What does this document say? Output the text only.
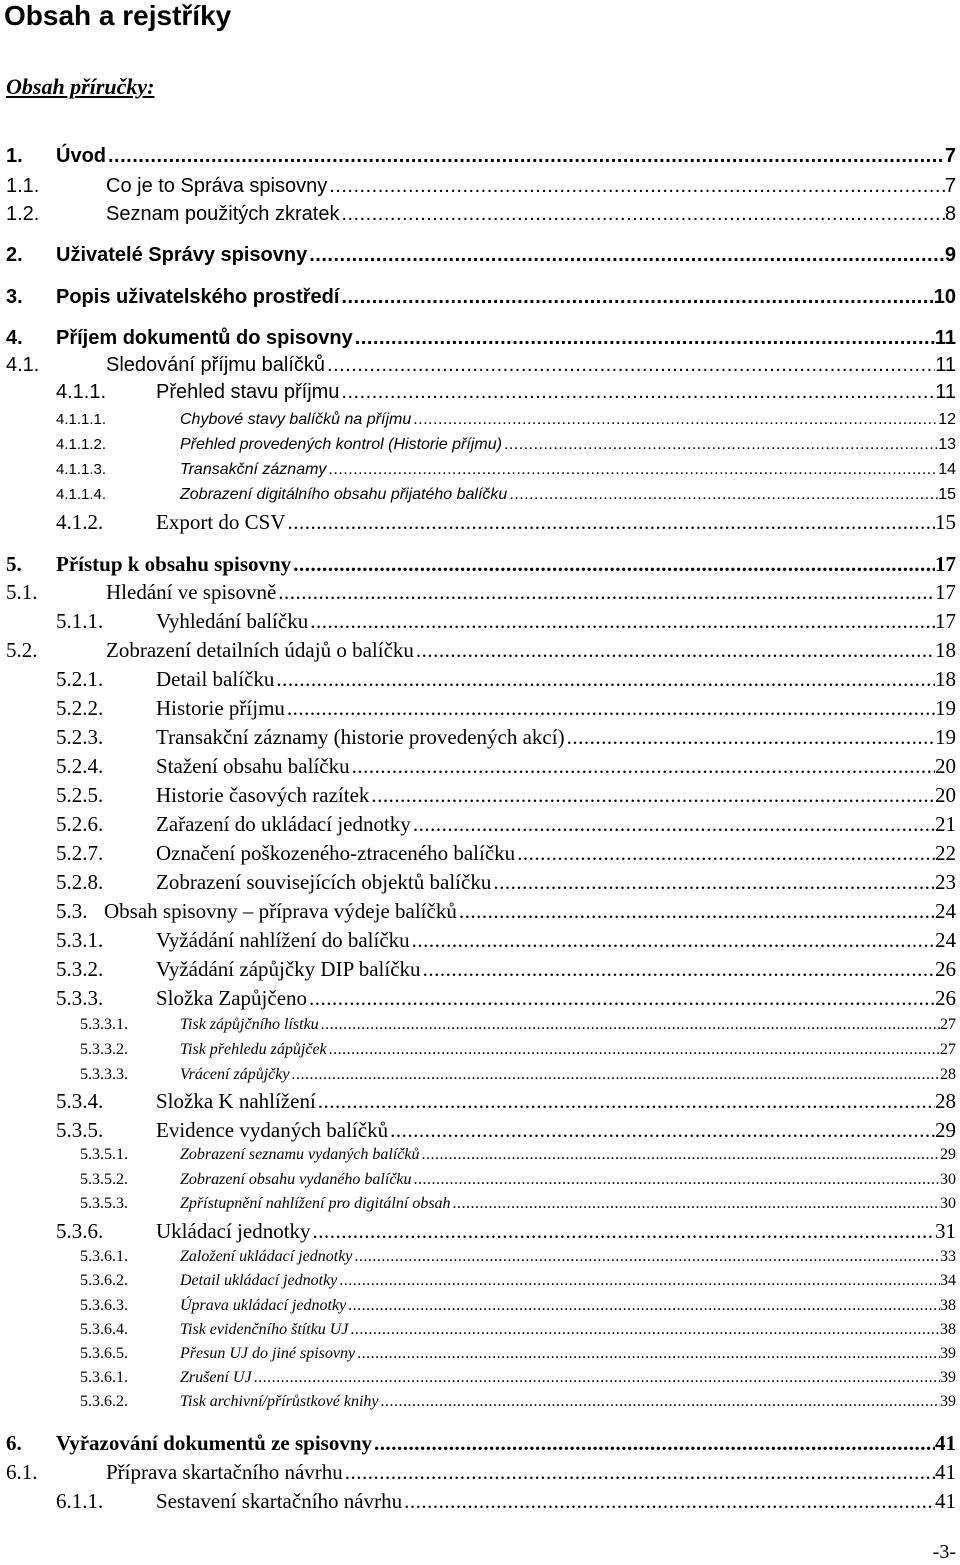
Obsah a rejstříky
Obsah příručky:
1.	Úvod .....	7
1.1.	Co je to Správa spisovny .....	7
1.2.	Seznam použitých zkratek .....	8
2.	Uživatelé Správy spisovny .....	9
3.	Popis uživatelského prostředí .....	10
4.	Příjem dokumentů do spisovny .....	11
4.1.	Sledování příjmu balíčků .....	11
4.1.1.	Přehled stavu příjmu .....	11
4.1.1.1.	Chybové stavy balíčků na příjmu .....	12
4.1.1.2.	Přehled provedených kontrol (Historie příjmu) .....	13
4.1.1.3.	Transakční záznamy .....	14
4.1.1.4.	Zobrazení digitálního obsahu přijatého balíčku .....	15
4.1.2.	Export do CSV .....	15
5.	Přístup k obsahu spisovny .....	17
5.1.	Hledání ve spisovně .....	17
5.1.1.	Vyhledání balíčku .....	17
5.2.	Zobrazení detailních údajů o balíčku .....	18
5.2.1.	Detail balíčku .....	18
5.2.2.	Historie příjmu .....	19
5.2.3.	Transakční záznamy (historie provedených akcí) .....	19
5.2.4.	Stažení obsahu balíčku .....	20
5.2.5.	Historie časových razítek .....	20
5.2.6.	Zařazení do ukládací jednotky .....	21
5.2.7.	Označení poškozeného-ztraceného balíčku .....	22
5.2.8.	Zobrazení souvisejících objektů balíčku .....	23
5.3. Obsah spisovny – příprava výdeje balíčků .....	24
5.3.1.	Vyžádání nahlížení do balíčku .....	24
5.3.2.	Vyžádání zápůjčky DIP balíčku .....	26
5.3.3.	Složka Zapůjčeno .....	26
5.3.3.1.	Tisk zápůjčního lístku .....	27
5.3.3.2.	Tisk přehledu zápůjček .....	27
5.3.3.3.	Vrácení zápůjčky .....	28
5.3.4.	Složka K nahlížení .....	28
5.3.5.	Evidence vydaných balíčků .....	29
5.3.5.1.	Zobrazení seznamu vydaných balíčků .....	29
5.3.5.2.	Zobrazení obsahu vydaného balíčku .....	30
5.3.5.3.	Zpřístupnění nahlížení pro digitální obsah .....	30
5.3.6.	Ukládací jednotky .....	31
5.3.6.1.	Založení ukládací jednotky .....	33
5.3.6.2.	Detail ukládací jednotky .....	34
5.3.6.3.	Úprava ukládací jednotky .....	38
5.3.6.4.	Tisk evidenčního štítku UJ .....	38
5.3.6.5.	Přesun UJ do jiné spisovny .....	39
5.3.6.1.	Zrušení UJ .....	39
5.3.6.2.	Tisk archivní/přírůstkové knihy .....	39
6.	Vyřazování dokumentů ze spisovny .....	41
6.1.	Příprava skartačního návrhu .....	41
6.1.1.	Sestavení skartačního návrhu .....	41
-3-
